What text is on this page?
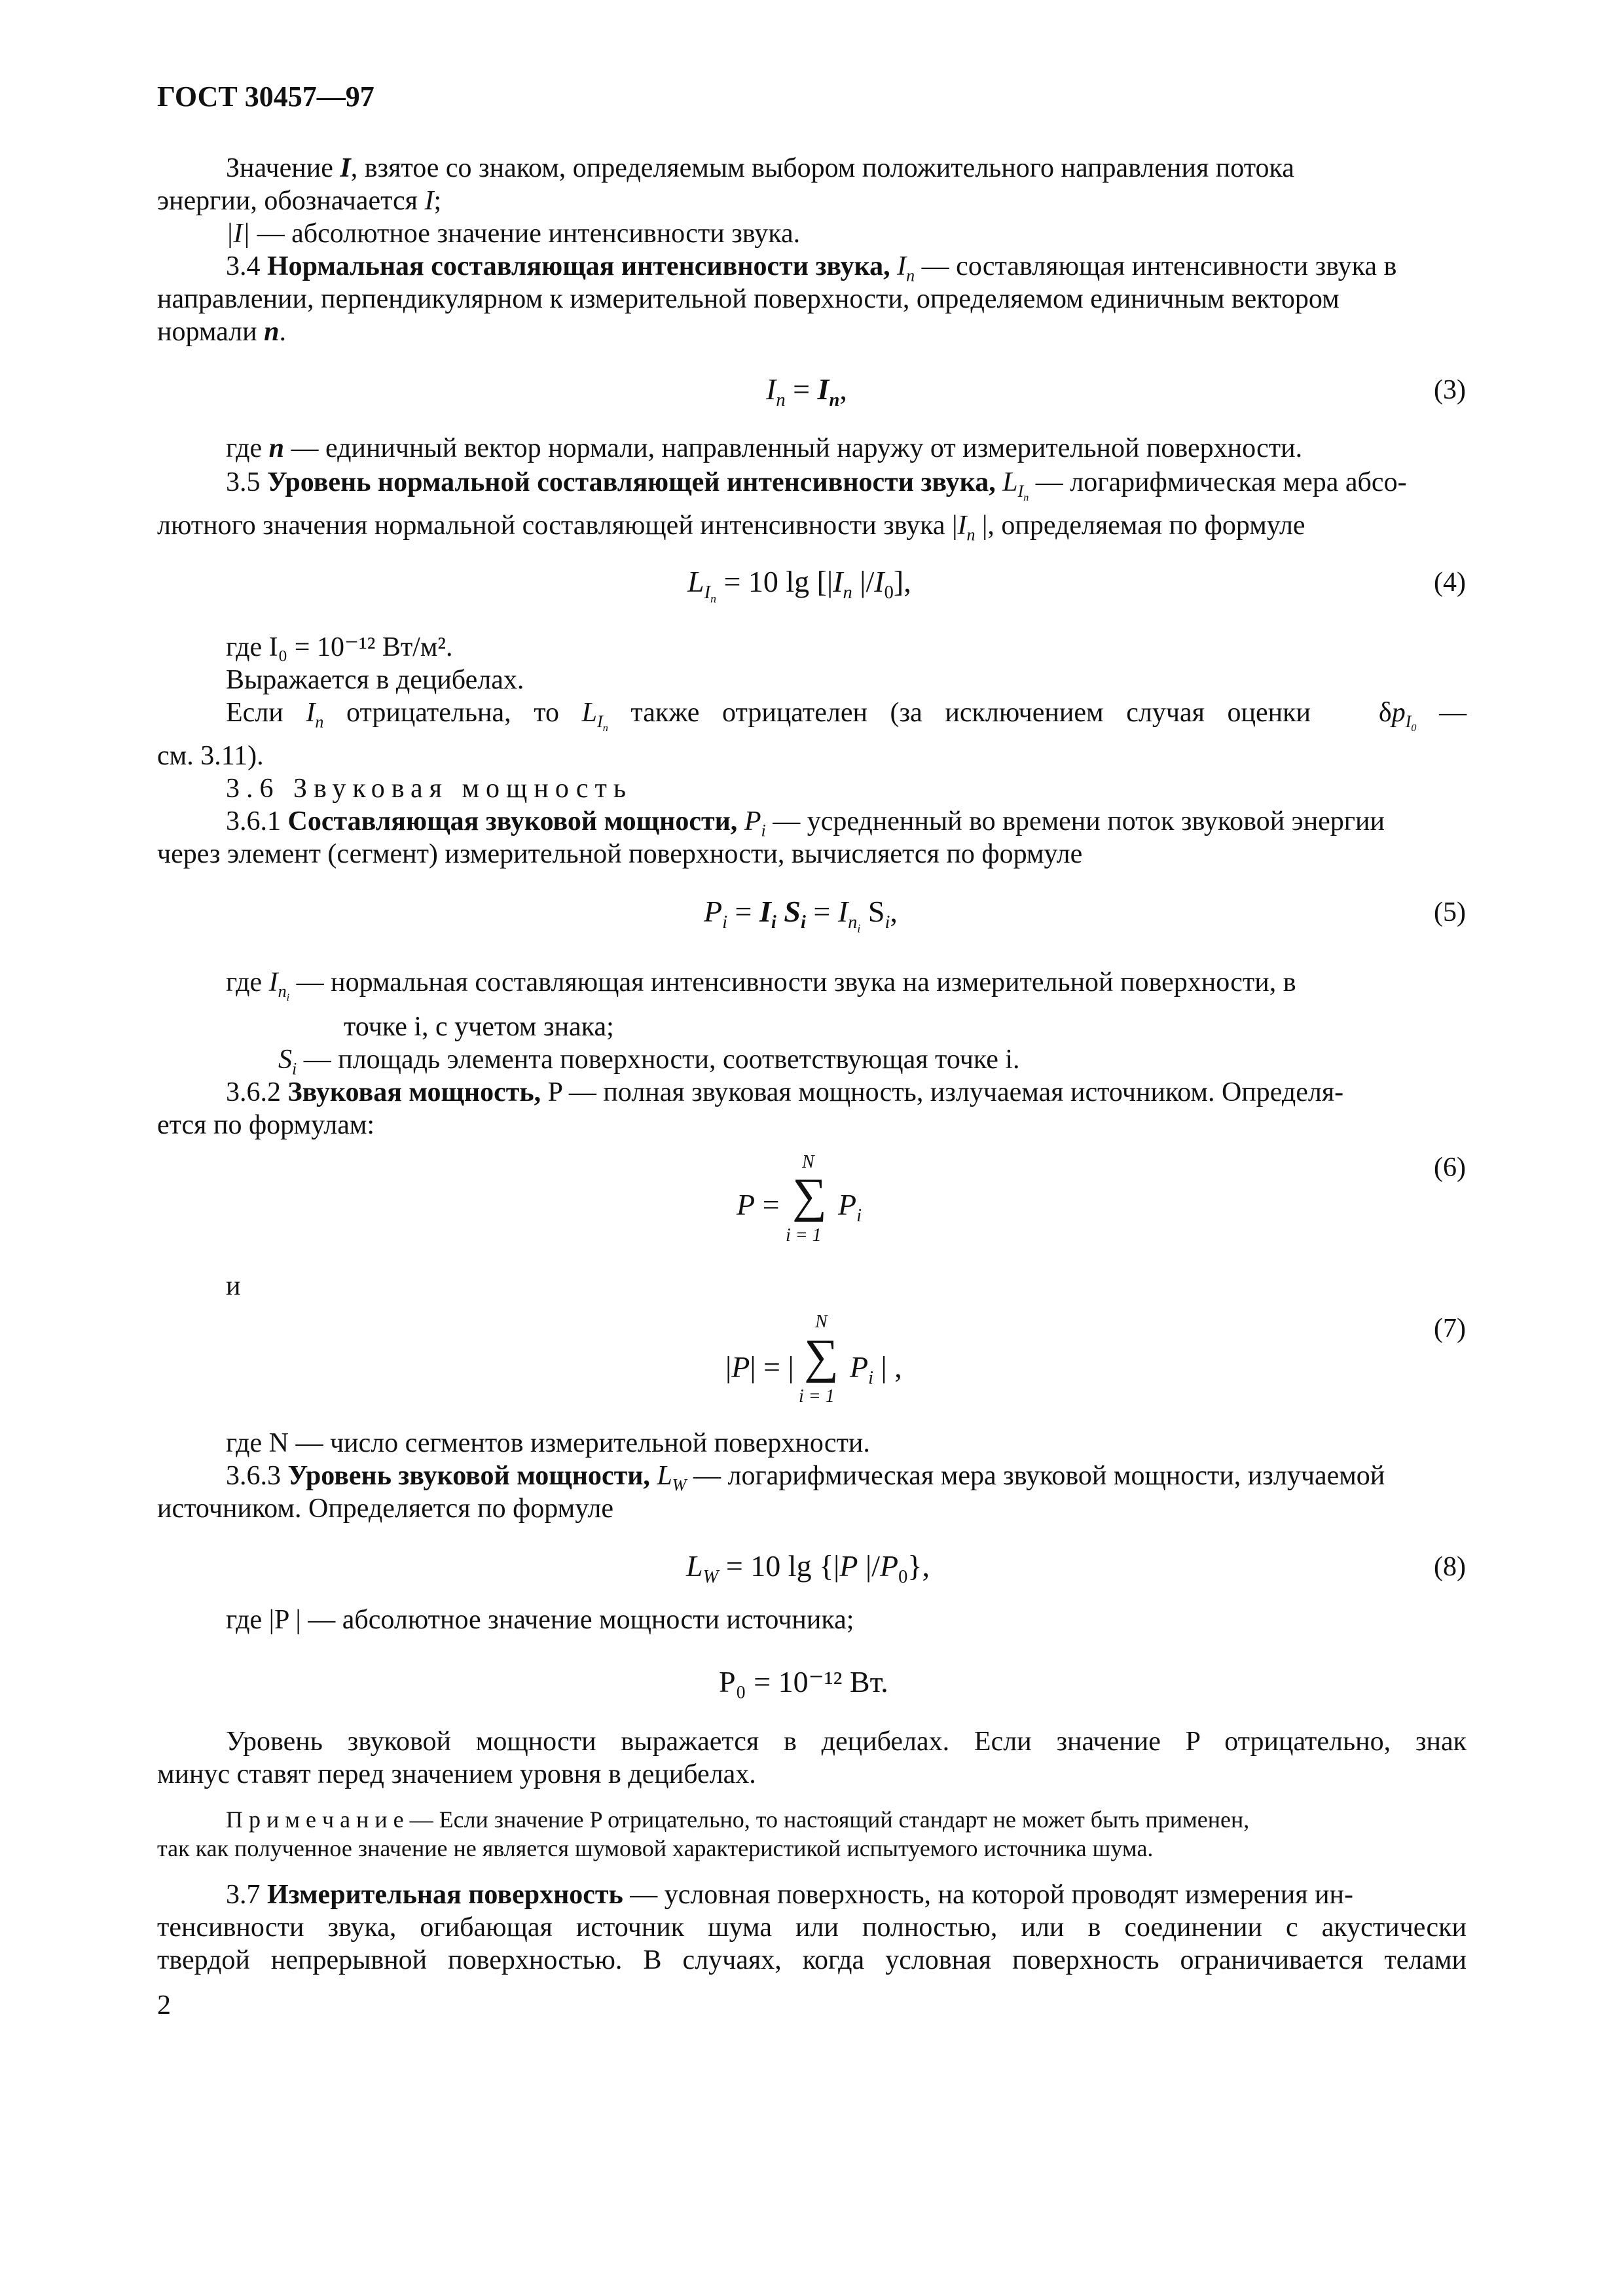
ГОСТ 30457—97
Значение I, взятое со знаком, определяемым выбором положительного направления потока
энергии, обозначается I;
|I| — абсолютное значение интенсивности звука.
3.4 Нормальная составляющая интенсивности звука, $I_n$ — составляющая интенсивности звука в
направлении, перпендикулярном к измерительной поверхности, определяемом единичным вектором
нормали n.
$I_n = I_n$,	(3)
где n — единичный вектор нормали, направленный наружу от измерительной поверхности.
3.5 Уровень нормальной составляющей интенсивности звука, $L_{I_n}$ — логарифмическая мера абсо-
лютного значения нормальной составляющей интенсивности звука $|I_n$ |, определяемая по формуле
$L_{I_n} = 10$ $\lg [|I_n$ $|/I_0$],	(4)
где I₀ = 10⁻¹² Вт/м².
Выражается в децибелах.
Если $I_n$ отрицательна, то $L_{I_n}$ также отрицателен (за исключением случая оценки   $\delta p_{I_0}$ —
см. 3.11).
3.6 Звуковая мощность
3.6.1 Составляющая звуковой мощности, $P_i$ — усредненный во времени поток звуковой энергии
через элемент (сегмент) измерительной поверхности, вычисляется по формуле
$P_i = I_i$ $S_i = I_{n_i}$ $S_i$,	(5)
где $I_{n_i}$ — нормальная составляющая интенсивности звука на измерительной поверхности, в
точке i, с учетом знака;
$S_i$ — площадь элемента поверхности, соответствующая точке i.
3.6.2 Звуковая мощность, P — полная звуковая мощность, излучаемая источником. Определя-
ется по формулам:
N
P = ∑ $P_i$
i = 1
(6)
и
N
|P| = | ∑ $P_i$ | ,
i = 1
(7)
где N — число сегментов измерительной поверхности.
3.6.3 Уровень звуковой мощности, $L_W$ — логарифмическая мера звуковой мощности, излучаемой
источником. Определяется по формуле
$L_W = 10$ lg {|P $|/P_0$},	(8)
где |P | — абсолютное значение мощности источника;
P₀ = 10⁻¹² Вт.
Уровень звуковой мощности выражается в децибелах. Если значение P отрицательно, знак
минус ставят перед значением уровня в децибелах.
П р и м е ч а н и е — Если значение P отрицательно, то настоящий стандарт не может быть применен,
так как полученное значение не является шумовой характеристикой испытуемого источника шума.
3.7 Измерительная поверхность — условная поверхность, на которой проводят измерения ин-
тенсивности звука, огибающая источник шума или полностью, или в соединении с акустически
твердой непрерывной поверхностью. В случаях, когда условная поверхность ограничивается телами
2
